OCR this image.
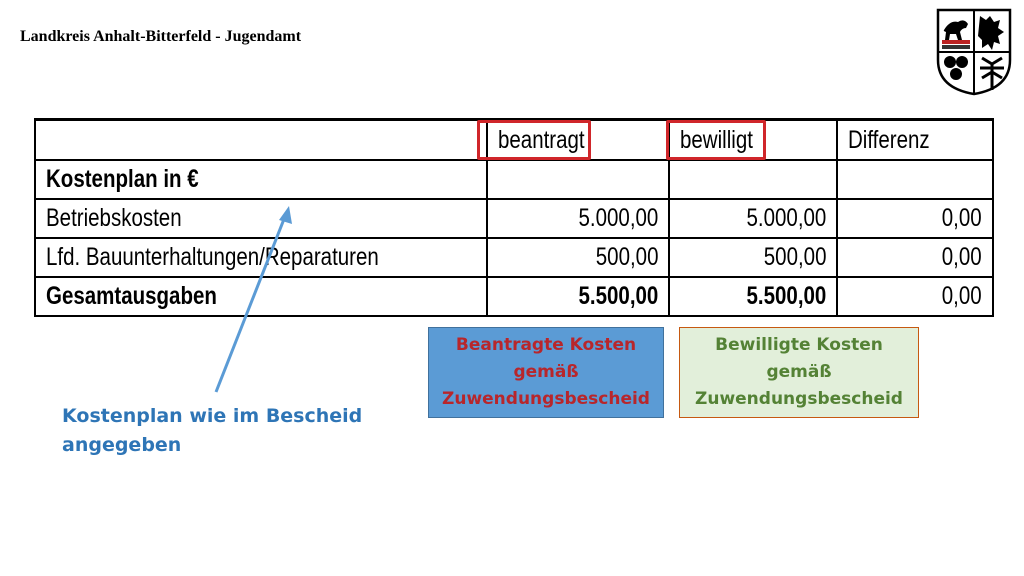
Landkreis Anhalt-Bitterfeld - Jugendamt
	beantragt	bewilligt	Differenz
Kostenplan in €			
Betriebskosten	5.000,00	5.000,00	0,00
Lfd. Bauunterhaltungen/Reparaturen	500,00	500,00	0,00
Gesamtausgaben	5.500,00	5.500,00	0,00
Beantragte Kosten
gemäß
Zuwendungsbescheid
Bewilligte Kosten
gemäß
Zuwendungsbescheid
Kostenplan wie im Bescheid
angegeben
